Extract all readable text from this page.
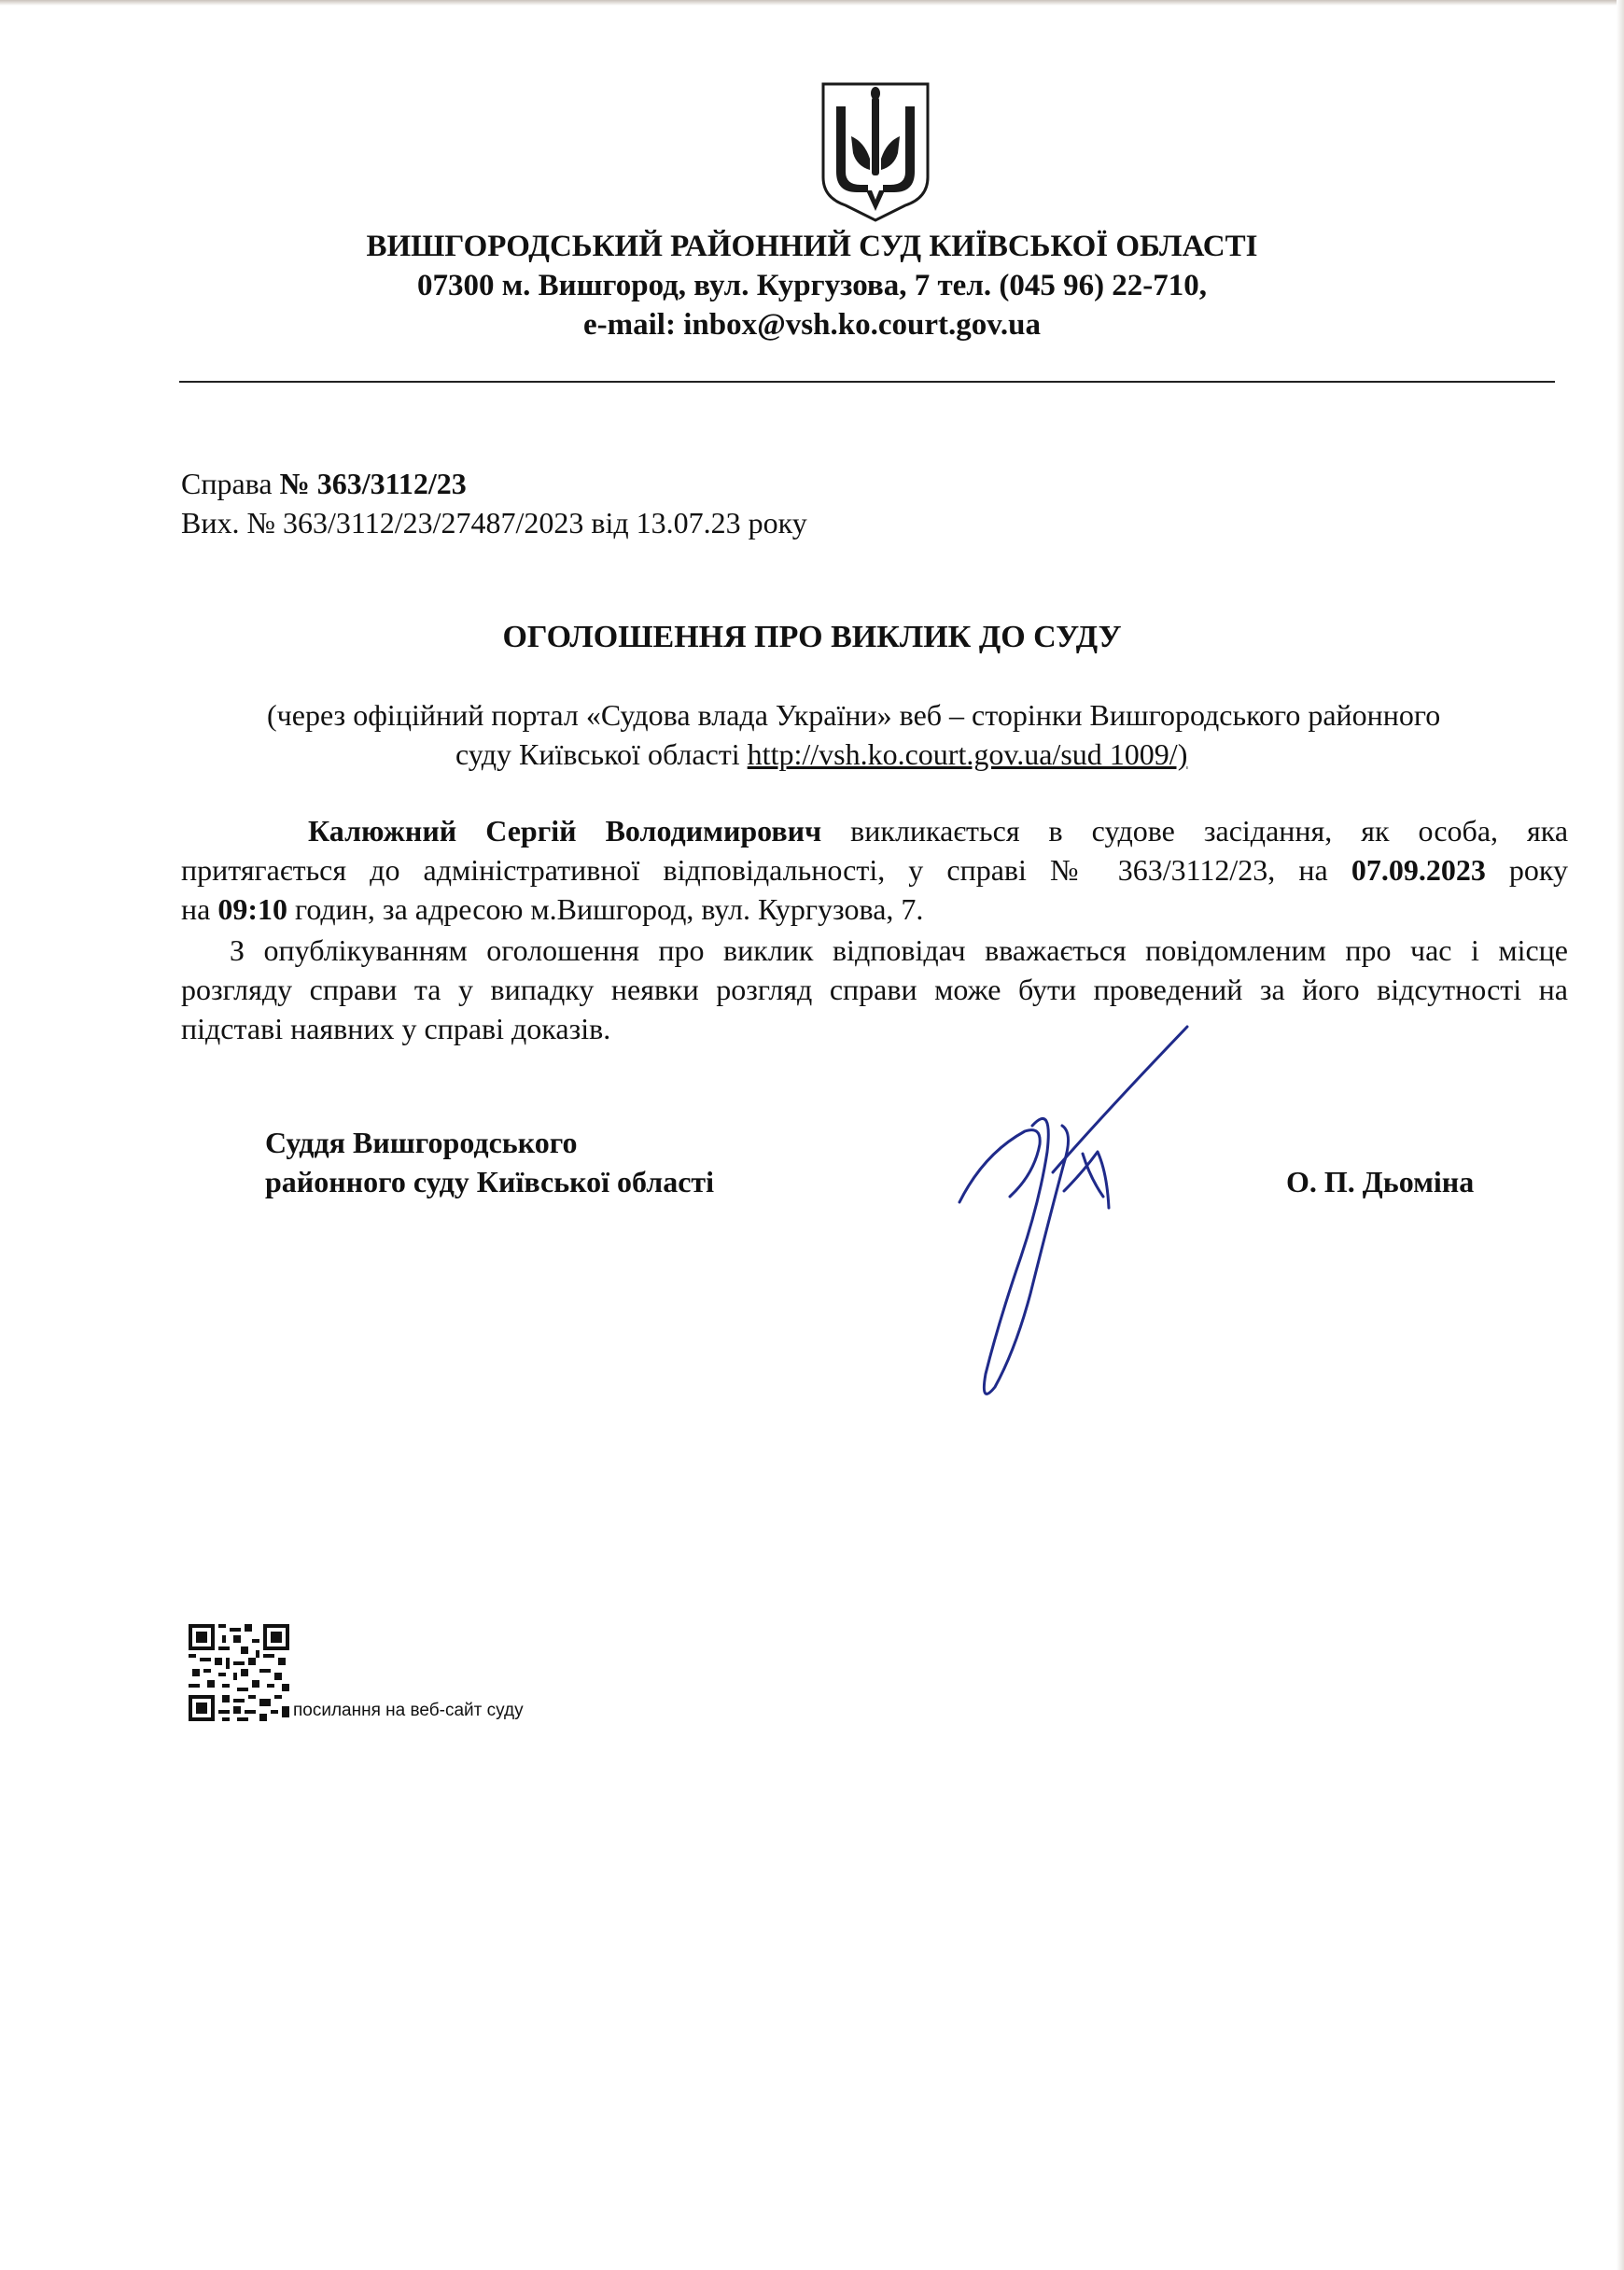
ВИШГОРОДСЬКИЙ РАЙОННИЙ СУД КИЇВСЬКОЇ ОБЛАСТІ
07300 м. Вишгород, вул. Кургузова, 7 тел. (045 96) 22-710,
e-mail: inbox@vsh.ko.court.gov.ua
Справа № 363/3112/23
Вих. № 363/3112/23/27487/2023 від 13.07.23 року
ОГОЛОШЕННЯ ПРО ВИКЛИК ДО СУДУ
(через офіційний портал «Судова влада України» веб – сторінки Вишгородського районного
суду Київської області http://vsh.ko.court.gov.ua/sud 1009/)
Калюжний Сергій Володимирович викликається в судове засідання, як особа, яка
притягається до адміністративної відповідальності, у справі № 363/3112/23, на 07.09.2023 року
на 09:10 годин, за адресою м.Вишгород, вул. Кургузова, 7.
З опублікуванням оголошення про виклик відповідач вважається повідомленим про час і місце
розгляду справи та у випадку неявки розгляд справи може бути проведений за його відсутності на
підставі наявних у справі доказів.
Суддя Вишгородського
районного суду Київської області	О. П. Дьоміна
посилання на веб-сайт суду
